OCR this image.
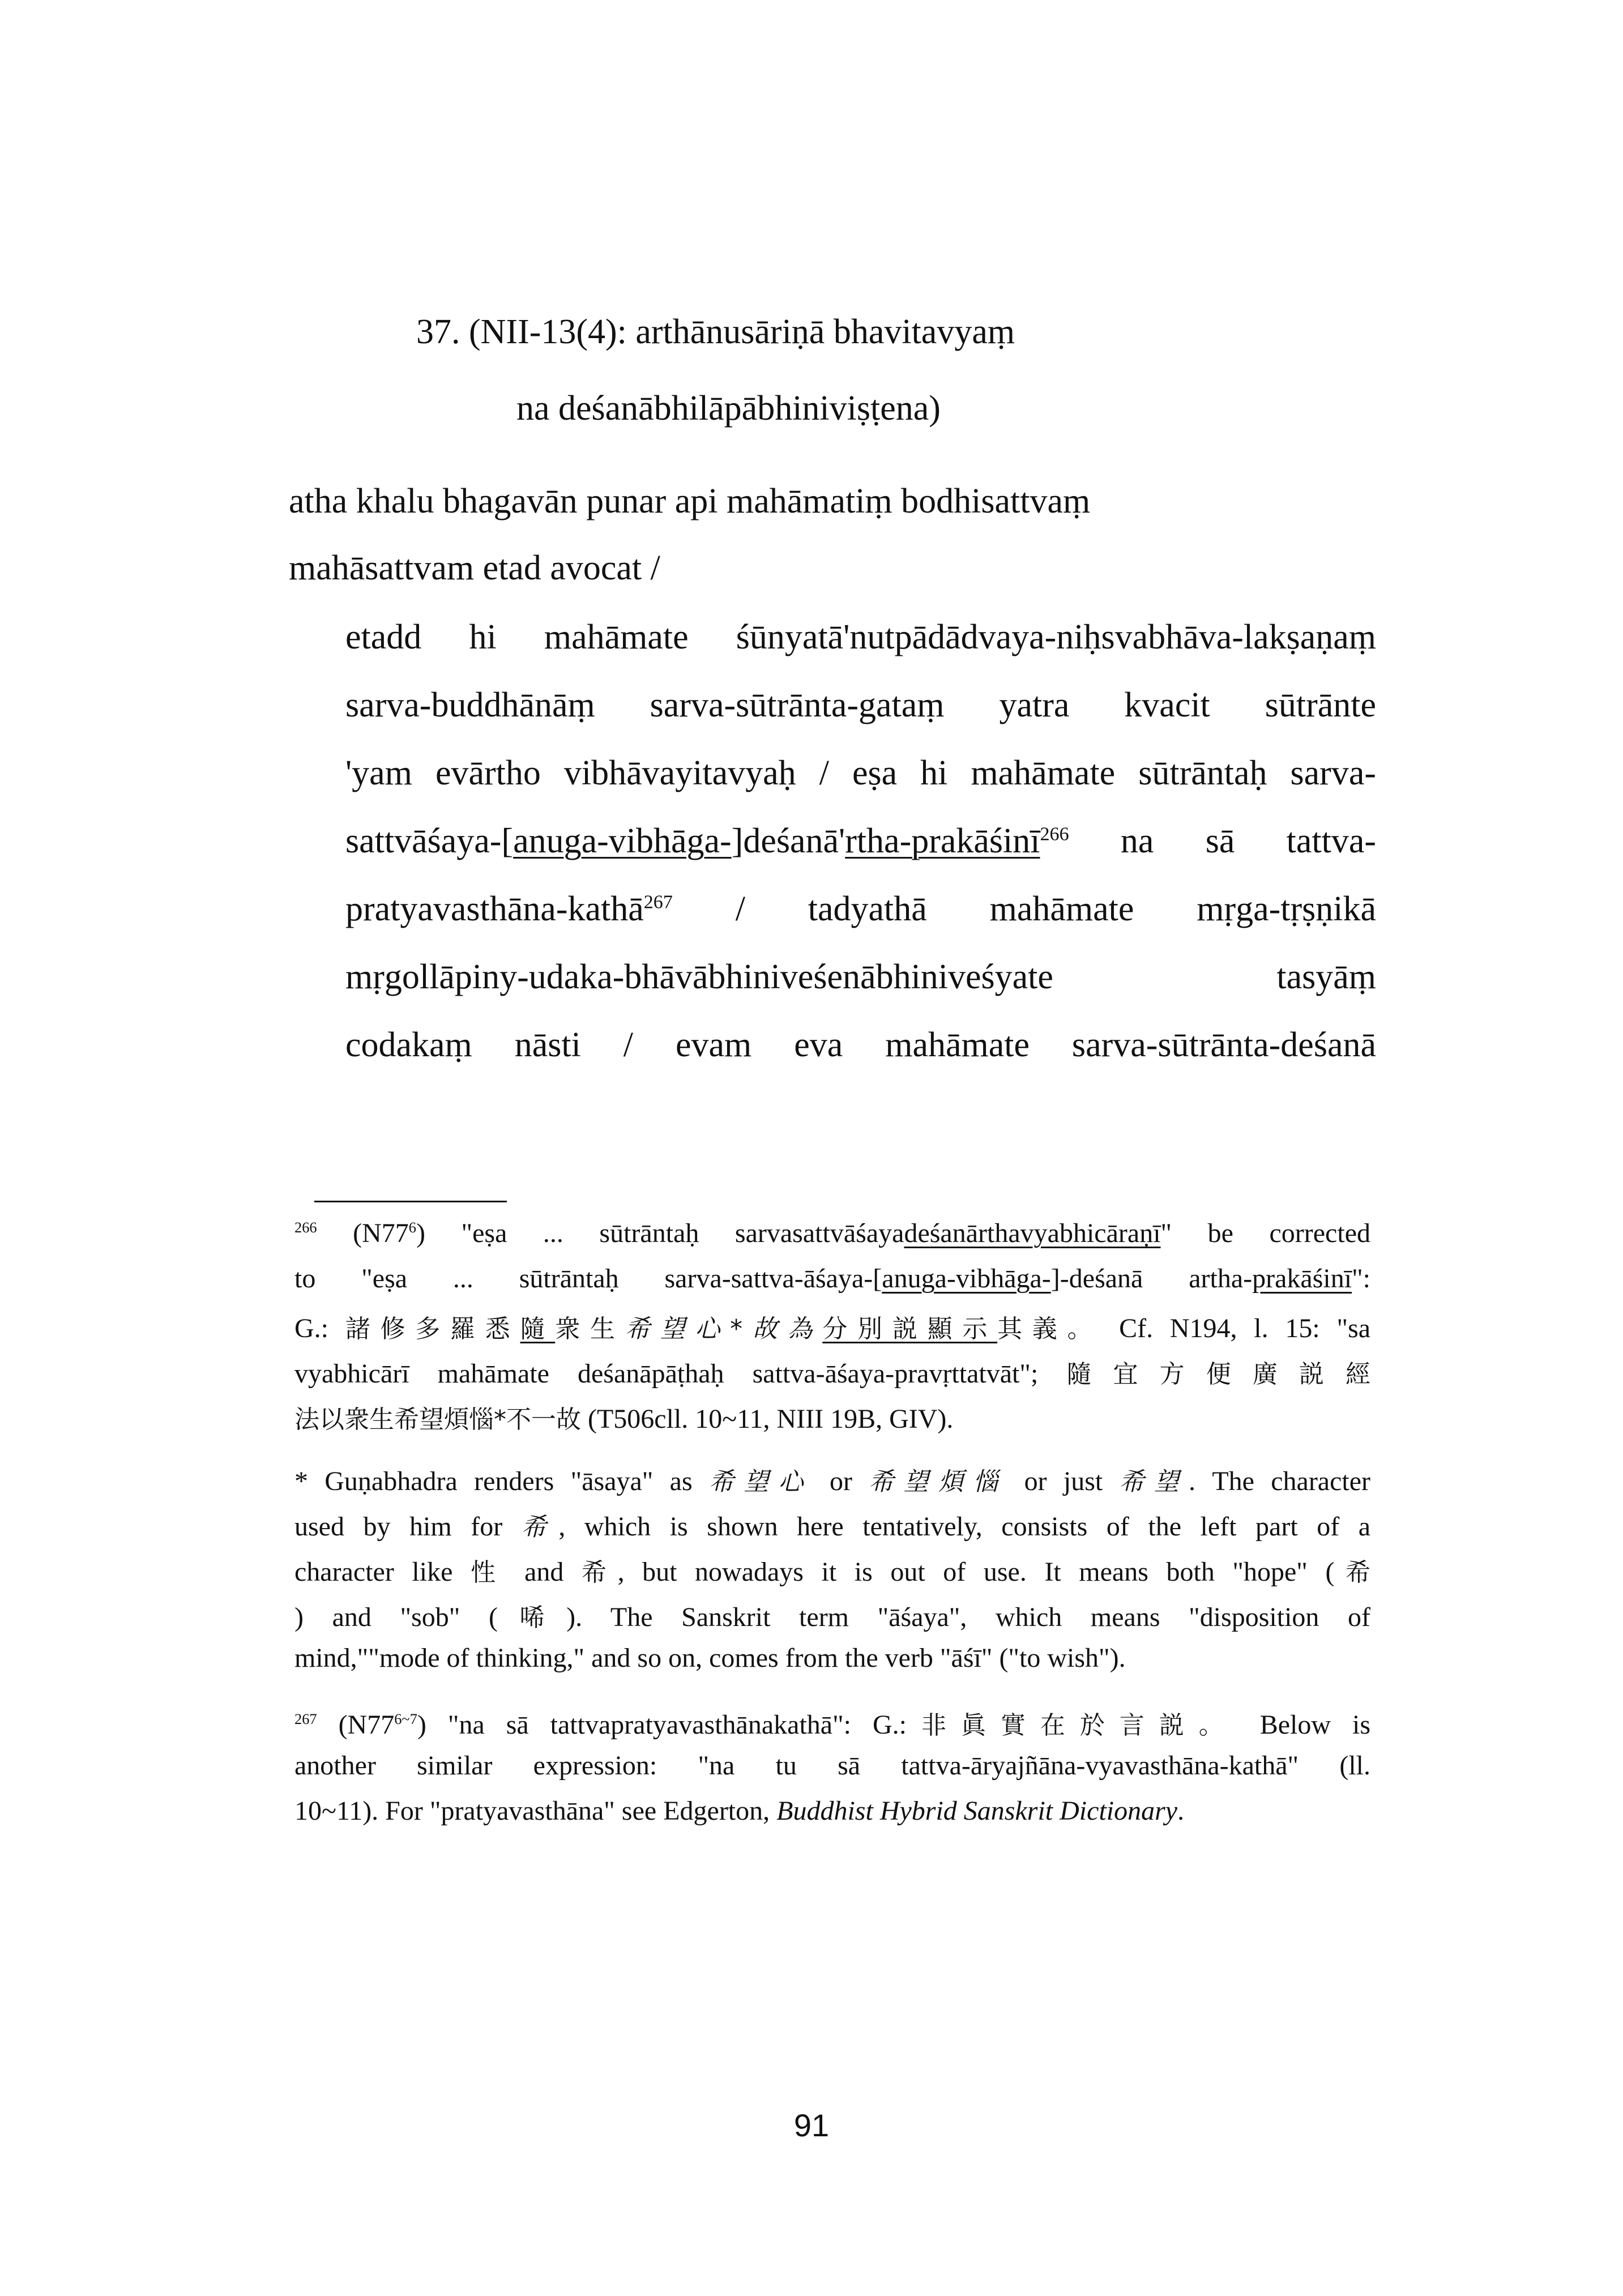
37. (NII-13(4): arthānusāriṇā bhavitavyaṃ
na deśanābhilāpābhiniviṣṭena)
atha khalu bhagavān punar api mahāmatiṃ bodhisattvaṃ
mahāsattvam etad avocat /
etadd hi mahāmate śūnyatā'nutpādādvaya-niḥsvabhāva-lakṣaṇaṃ
sarva-buddhānāṃ sarva-sūtrānta-gataṃ yatra kvacit sūtrānte
'yam evārtho vibhāvayitavyaḥ / eṣa hi mahāmate sūtrāntaḥ sarva-
sattvāśaya-[anuga-vibhāga-]deśanā'rtha-prakāśinī$^{266}$ na sā tattva-
pratyavasthāna-kathā$^{267}$ / tadyathā mahāmate mṛga-tṛṣṇikā
mṛgollāpiny-udaka-bhāvābhiniveśenābhiniveśyate tasyāṃ
codakaṃ nāsti / evam eva mahāmate sarva-sūtrānta-deśanā
$^{266}$ $(N77^6)$ "eṣa ... sūtrāntaḥ sarvasattvāśayadeśanārthavyabhicāraṇī" be corrected
to "eṣa ... sūtrāntaḥ sarva-sattva-āśaya-[anuga-vibhāga-]-deśanā artha-prakāśinī":
G.: 諸修多羅悉隨衆生希望心*故為分別説顯示其義。 Cf. N194, l. 15: "sa
vyabhicārī mahāmate deśanāpāṭhaḥ sattva-āśaya-pravṛttatvāt"; 隨宜方便廣説經
法以衆生希望煩惱*不一故 (T506cll. 10~11, NIII 19B, GIV).
* Guṇabhadra renders "āsaya" as 希望心 or 希望煩惱 or just 希望. The character
used by him for 希, which is shown here tentatively, consists of the left part of a
character like 性 and 希, but nowadays it is out of use. It means both "hope" (希
) and "sob" (唏). The Sanskrit term "āśaya", which means "disposition of
mind,""mode of thinking," and so on, comes from the verb "āśī" ("to wish").
$^{267}$ $(N77^{6\sim 7})$ "na sā tattvapratyavasthānakathā": G.:非眞實在於言説。 Below is
another similar expression: "na tu sā tattva-āryajñāna-vyavasthāna-kathā" (ll.
10~11). For "pratyavasthāna" see Edgerton, Buddhist Hybrid Sanskrit Dictionary.
91
